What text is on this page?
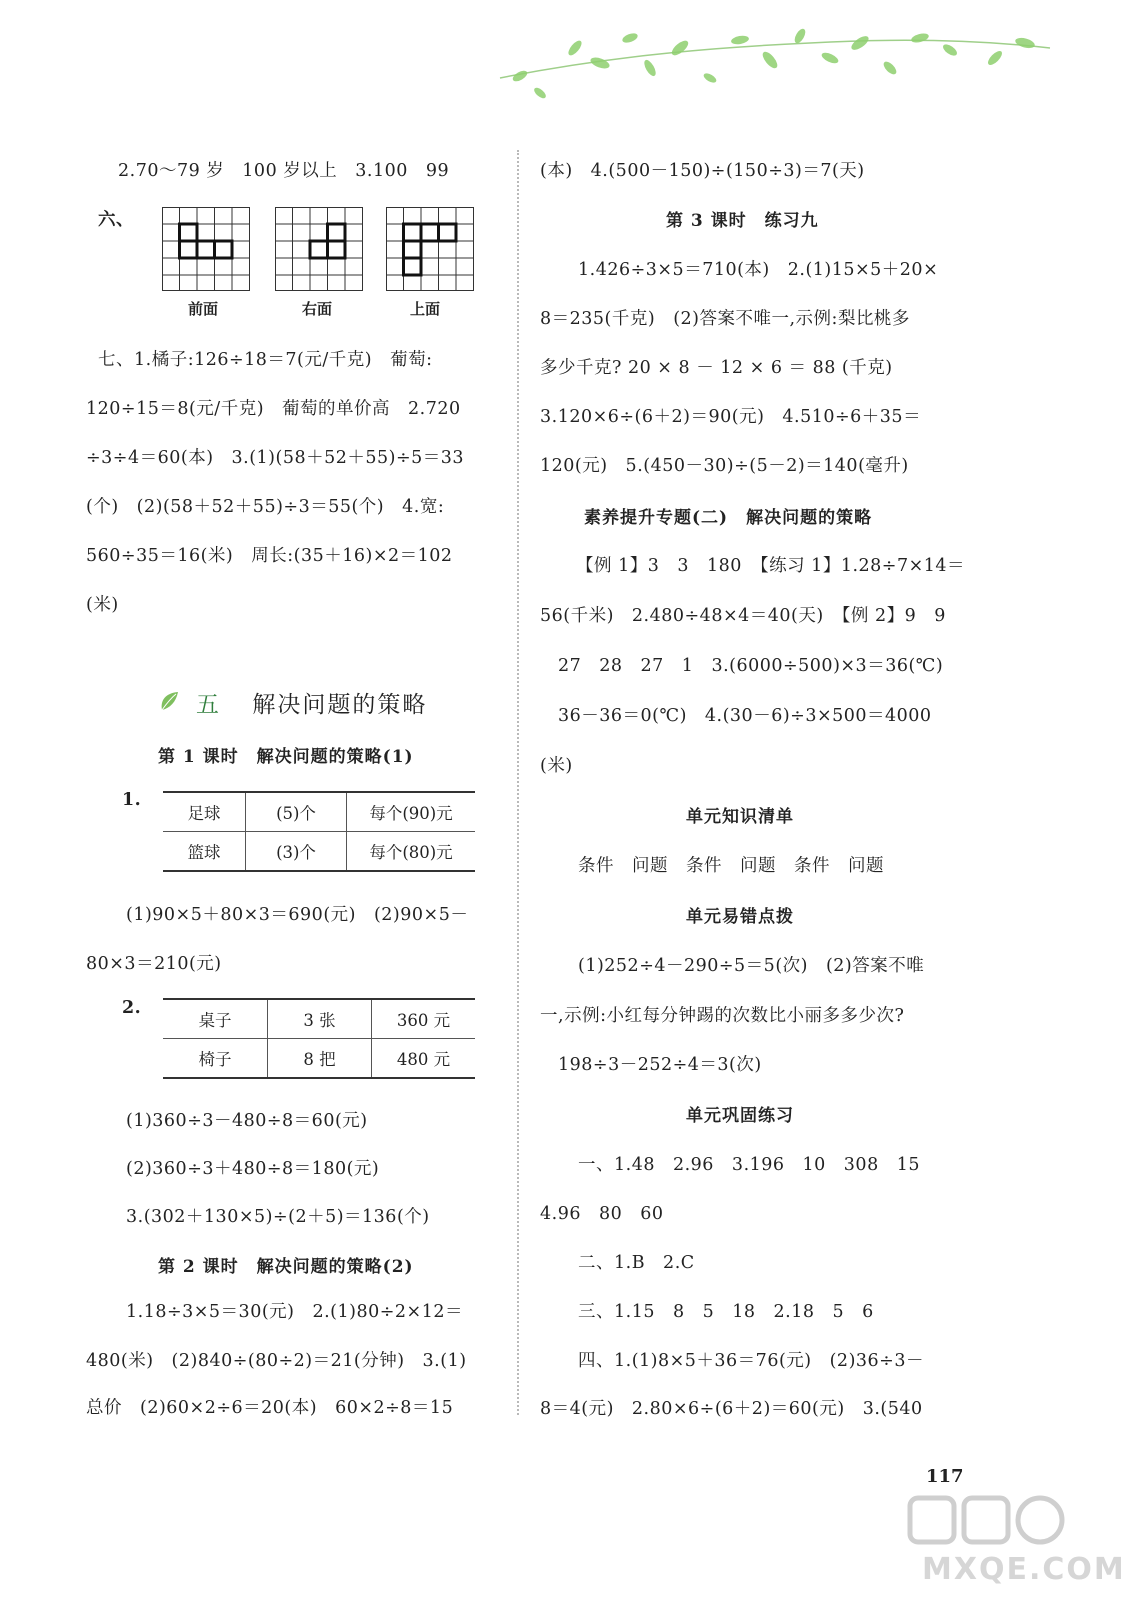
2.70～79 岁　100 岁以上　3.100　99
六、
前面	右面	上面
七、1.橘子:126÷18＝7(元/千克)　葡萄:
120÷15＝8(元/千克)　葡萄的单价高　2.720
÷3÷4＝60(本)　3.(1)(58＋52＋55)÷5＝33
(个)　(2)(58＋52＋55)÷3＝55(个)　4.宽:
560÷35＝16(米)　周长:(35＋16)×2＝102
(米)
五 解决问题的策略
第 1 课时　解决问题的策略(1)
1.
足球	(5)个	每个(90)元
篮球	(3)个	每个(80)元
(1)90×5＋80×3＝690(元)　(2)90×5－
80×3＝210(元)
2.
桌子	3 张	360 元
椅子	8 把	480 元
(1)360÷3－480÷8＝60(元)
(2)360÷3＋480÷8＝180(元)
3.(302＋130×5)÷(2＋5)＝136(个)
第 2 课时　解决问题的策略(2)
1.18÷3×5＝30(元)　2.(1)80÷2×12＝
480(米)　(2)840÷(80÷2)＝21(分钟)　3.(1)
总价　(2)60×2÷6＝20(本)　60×2÷8＝15
(本)　4.(500－150)÷(150÷3)＝7(天)
第 3 课时　练习九
1.426÷3×5＝710(本)　2.(1)15×5＋20×
8＝235(千克)　(2)答案不唯一,示例:梨比桃多
多少千克? 20 × 8 － 12 × 6 ＝ 88 (千克)
3.120×6÷(6＋2)＝90(元)　4.510÷6＋35＝
120(元)　5.(450－30)÷(5－2)＝140(毫升)
素养提升专题(二)　解决问题的策略
【例 1】3　3　180　【练习 1】1.28÷7×14＝
56(千米)　2.480÷48×4＝40(天)　【例 2】9　9
27　28　27　1　3.(6000÷500)×3＝36(℃)
36－36＝0(℃)　4.(30－6)÷3×500＝4000
(米)
单元知识清单
条件　问题　条件　问题　条件　问题
单元易错点拨
(1)252÷4－290÷5＝5(次)　(2)答案不唯
一,示例:小红每分钟踢的次数比小丽多多少次?
198÷3－252÷4＝3(次)
单元巩固练习
一、1.48　2.96　3.196　10　308　15
4.96　80　60
二、1.B　2.C
三、1.15　8　5　18　2.18　5　6
四、1.(1)8×5＋36＝76(元)　(2)36÷3－
8＝4(元)　2.80×6÷(6＋2)＝60(元)　3.(540
117
MXQE.COM
